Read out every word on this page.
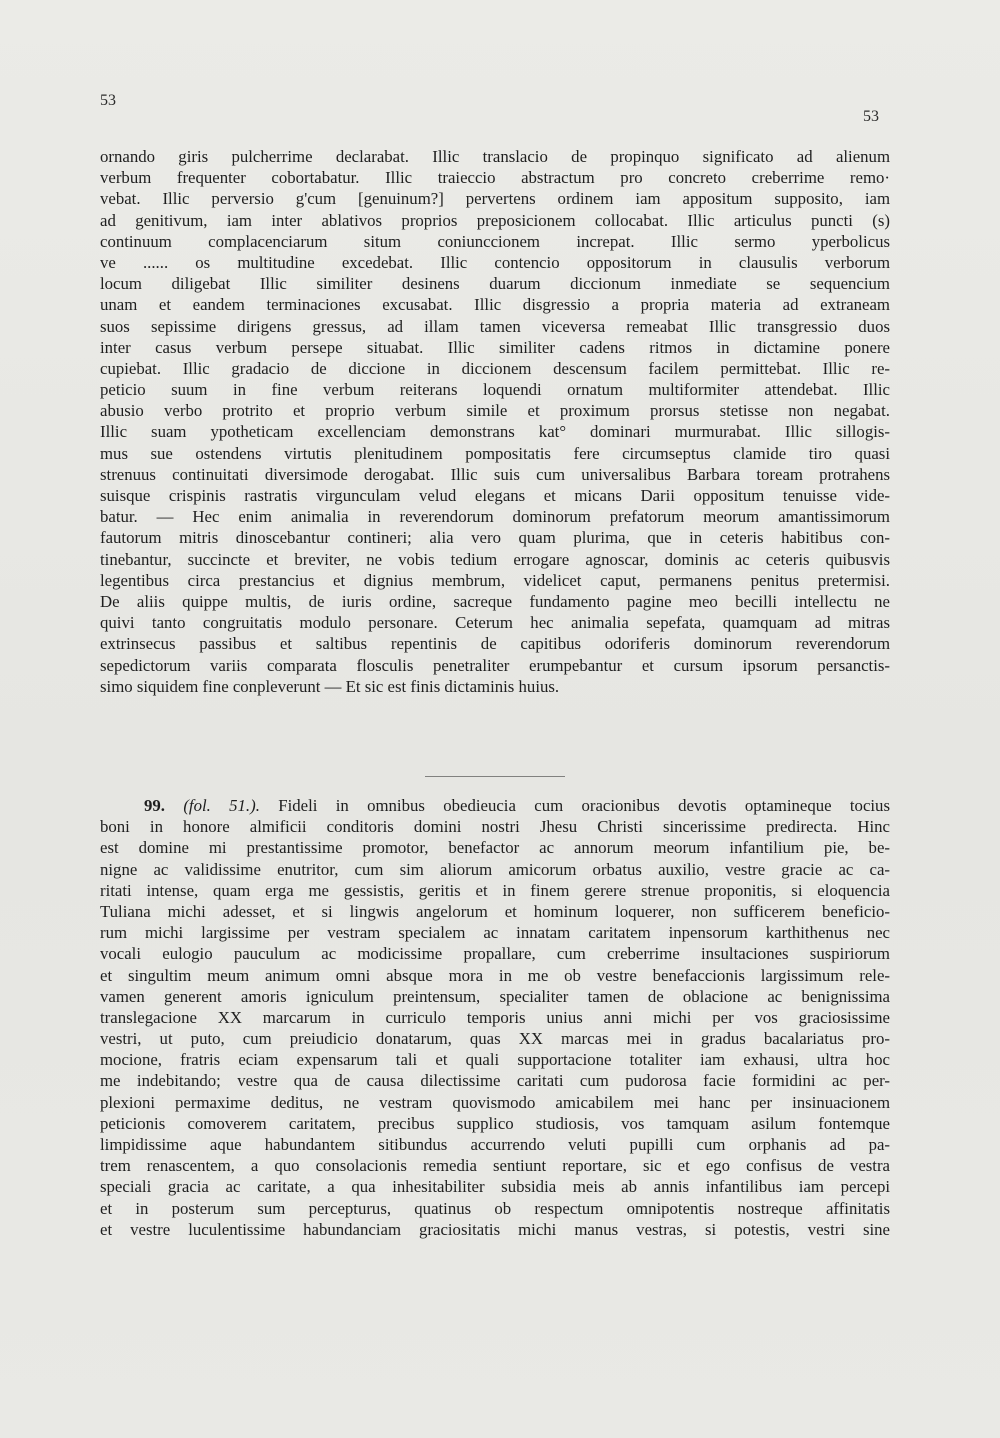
53
53
ornando giris pulcherrime declarabat. Illic translacio de propinquo significato ad alienum
verbum frequenter cobortabatur. Illic traieccio abstractum pro concreto creberrime remo·
vebat. Illic perversio g'cum [genuinum?] pervertens ordinem iam appositum supposito, iam
ad genitivum, iam inter ablativos proprios preposicionem collocabat. Illic articulus puncti (s)
continuum complacenciarum situm coniunccionem increpat. Illic sermo yperbolicus
ve ...... os multitudine excedebat. Illic contencio oppositorum in clausulis verborum
locum diligebat Illic similiter desinens duarum diccionum inmediate se sequencium
unam et eandem terminaciones excusabat. Illic disgressio a propria materia ad extraneam
suos sepissime dirigens gressus, ad illam tamen viceversa remeabat Illic transgressio duos
inter casus verbum persepe situabat. Illic similiter cadens ritmos in dictamine ponere
cupiebat. Illic gradacio de diccione in diccionem descensum facilem permittebat. Illic re-
peticio suum in fine verbum reiterans loquendi ornatum multiformiter attendebat. Illic
abusio verbo protrito et proprio verbum simile et proximum prorsus stetisse non negabat.
Illic suam ypotheticam excellenciam demonstrans kat° dominari murmurabat. Illic sillogis-
mus sue ostendens virtutis plenitudinem pompositatis fere circumseptus clamide tiro quasi
strenuus continuitati diversimode derogabat. Illic suis cum universalibus Barbara toream protrahens
suisque crispinis rastratis virgunculam velud elegans et micans Darii oppositum tenuisse vide-
batur. — Hec enim animalia in reverendorum dominorum prefatorum meorum amantissimorum
fautorum mitris dinoscebantur contineri; alia vero quam plurima, que in ceteris habitibus con-
tinebantur, succincte et breviter, ne vobis tedium errogare agnoscar, dominis ac ceteris quibusvis
legentibus circa prestancius et dignius membrum, videlicet caput, permanens penitus pretermisi.
De aliis quippe multis, de iuris ordine, sacreque fundamento pagine meo becilli intellectu ne
quivi tanto congruitatis modulo personare. Ceterum hec animalia sepefata, quamquam ad mitras
extrinsecus passibus et saltibus repentinis de capitibus odoriferis dominorum reverendorum
sepedictorum variis comparata flosculis penetraliter erumpebantur et cursum ipsorum persanctis-
simo siquidem fine conpleverunt — Et sic est finis dictaminis huius.
99. (fol. 51.). Fideli in omnibus obedieucia cum oracionibus devotis optamineque tocius
boni in honore almificii conditoris domini nostri Jhesu Christi sincerissime predirecta. Hinc
est domine mi prestantissime promotor, benefactor ac annorum meorum infantilium pie, be-
nigne ac validissime enutritor, cum sim aliorum amicorum orbatus auxilio, vestre gracie ac ca-
ritati intense, quam erga me gessistis, geritis et in finem gerere strenue proponitis, si eloquencia
Tuliana michi adesset, et si lingwis angelorum et hominum loquerer, non sufficerem beneficio-
rum michi largissime per vestram specialem ac innatam caritatem inpensorum karthithenus nec
vocali eulogio pauculum ac modicissime propallare, cum creberrime insultaciones suspiriorum
et singultim meum animum omni absque mora in me ob vestre benefaccionis largissimum rele-
vamen generent amoris igniculum preintensum, specialiter tamen de oblacione ac benignissima
translegacione XX marcarum in curriculo temporis unius anni michi per vos graciosissime
vestri, ut puto, cum preiudicio donatarum, quas XX marcas mei in gradus bacalariatus pro-
mocione, fratris eciam expensarum tali et quali supportacione totaliter iam exhausi, ultra hoc
me indebitando; vestre qua de causa dilectissime caritati cum pudorosa facie formidini ac per-
plexioni permaxime deditus, ne vestram quovismodo amicabilem mei hanc per insinuacionem
peticionis comoverem caritatem, precibus supplico studiosis, vos tamquam asilum fontemque
limpidissime aque habundantem sitibundus accurrendo veluti pupilli cum orphanis ad pa-
trem renascentem, a quo consolacionis remedia sentiunt reportare, sic et ego confisus de vestra
speciali gracia ac caritate, a qua inhesitabiliter subsidia meis ab annis infantilibus iam percepi
et in posterum sum percepturus, quatinus ob respectum omnipotentis nostreque affinitatis
et vestre luculentissime habundanciam graciositatis michi manus vestras, si potestis, vestri sine
